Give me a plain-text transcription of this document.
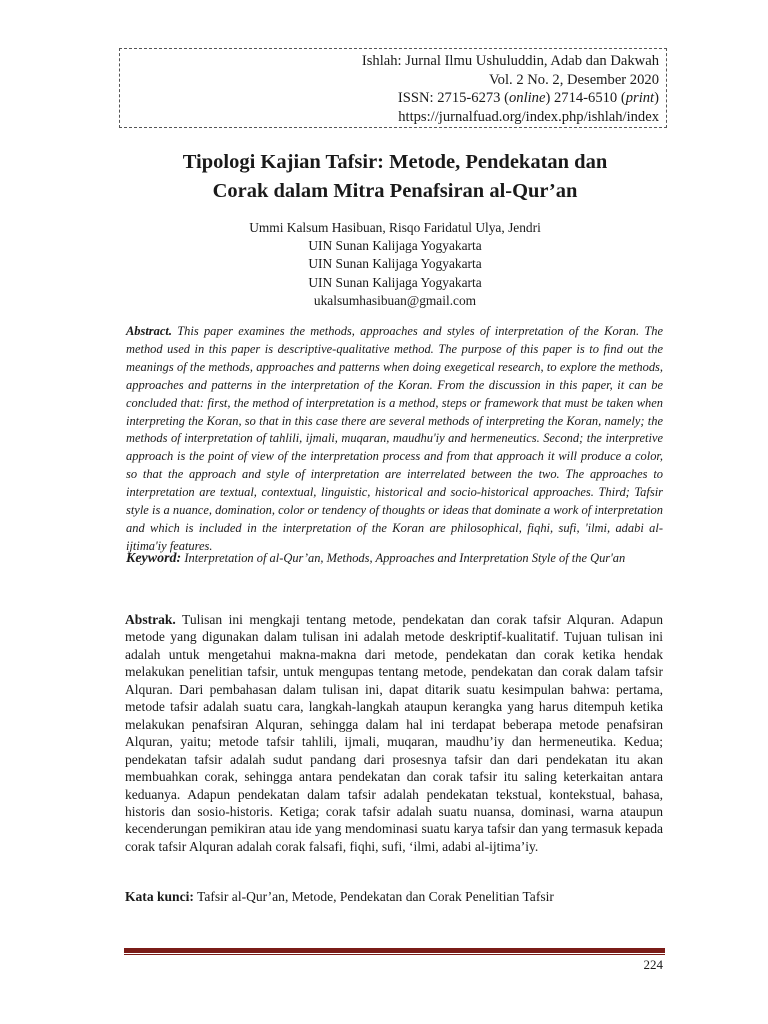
Ishlah: Jurnal Ilmu Ushuluddin, Adab dan Dakwah
Vol. 2 No. 2, Desember 2020
ISSN: 2715-6273 (online) 2714-6510 (print)
https://jurnalfuad.org/index.php/ishlah/index
Tipologi Kajian Tafsir: Metode, Pendekatan dan
Corak dalam Mitra Penafsiran al-Qur’an
Ummi Kalsum Hasibuan, Risqo Faridatul Ulya, Jendri
UIN Sunan Kalijaga Yogyakarta
UIN Sunan Kalijaga Yogyakarta
UIN Sunan Kalijaga Yogyakarta
ukalsumhasibuan@gmail.com
Abstract. This paper examines the methods, approaches and styles of interpretation of the Koran. The method used in this paper is descriptive-qualitative method. The purpose of this paper is to find out the meanings of the methods, approaches and patterns when doing exegetical research, to explore the methods, approaches and patterns in the interpretation of the Koran. From the discussion in this paper, it can be concluded that: first, the method of interpretation is a method, steps or framework that must be taken when interpreting the Koran, so that in this case there are several methods of interpreting the Koran, namely; the methods of interpretation of tahlili, ijmali, muqaran, maudhu'iy and hermeneutics. Second; the interpretive approach is the point of view of the interpretation process and from that approach it will produce a color, so that the approach and style of interpretation are interrelated between the two. The approaches to interpretation are textual, contextual, linguistic, historical and socio-historical approaches. Third; Tafsir style is a nuance, domination, color or tendency of thoughts or ideas that dominate a work of interpretation and which is included in the interpretation of the Koran are philosophical, fiqhi, sufi, 'ilmi, adabi al-ijtima'iy features.
Keyword: Interpretation of al-Qur’an, Methods, Approaches and Interpretation Style of the Qur'an
Abstrak. Tulisan ini mengkaji tentang metode, pendekatan dan corak tafsir Alquran. Adapun metode yang digunakan dalam tulisan ini adalah metode deskriptif-kualitatif. Tujuan tulisan ini adalah untuk mengetahui makna-makna dari metode, pendekatan dan corak ketika hendak melakukan penelitian tafsir, untuk mengupas tentang metode, pendekatan dan corak dalam tafsir Alquran. Dari pembahasan dalam tulisan ini, dapat ditarik suatu kesimpulan bahwa: pertama, metode tafsir adalah suatu cara, langkah-langkah ataupun kerangka yang harus ditempuh ketika melakukan penafsiran Alquran, sehingga dalam hal ini terdapat beberapa metode penafsiran Alquran, yaitu; metode tafsir tahlili, ijmali, muqaran, maudhu’iy dan hermeneutika. Kedua; pendekatan tafsir adalah sudut pandang dari prosesnya tafsir dan dari pendekatan itu akan membuahkan corak, sehingga antara pendekatan dan corak tafsir itu saling keterkaitan antara keduanya. Adapun pendekatan dalam tafsir adalah pendekatan tekstual, kontekstual, bahasa, historis dan sosio-historis. Ketiga; corak tafsir adalah suatu nuansa, dominasi, warna ataupun kecenderungan pemikiran atau ide yang mendominasi suatu karya tafsir dan yang termasuk kepada corak tafsir Alquran adalah corak falsafi, fiqhi, sufi, ‘ilmi, adabi al-ijtima’iy.
Kata kunci: Tafsir al-Qur’an, Metode, Pendekatan dan Corak Penelitian Tafsir
224
